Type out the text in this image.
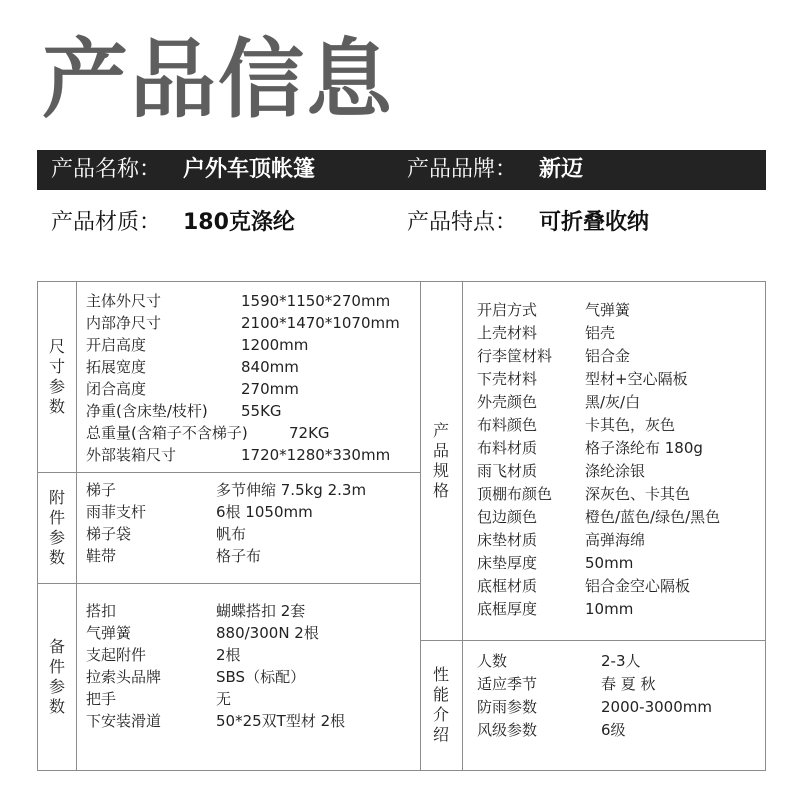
产品信息
产品名称： 户外车顶帐篷	产品品牌： 新迈
产品材质： 180克涤纶	产品特点： 可折叠收纳
尺
寸
参
数
主体外尺寸	1590*1150*270mm
内部净尺寸	2100*1470*1070mm
开启高度	1200mm
拓展宽度	840mm
闭合高度	270mm
净重(含床垫/枝杆) 55KG
总重量(含箱子不含梯子)	72KG
外部装箱尺寸	1720*1280*330mm
附
件
参
数
梯子	多节伸缩 7.5kg 2.3m
雨菲支杆	6根 1050mm
梯子袋	帆布
鞋带	格子布
备
件
参
数
搭扣	蝴蝶搭扣 2套
气弹簧	880/300N 2根
支起附件	2根
拉索头品牌	SBS（标配）
把手	无
下安装滑道	50*25双T型材 2根
产
品
规
格
开启方式	气弹簧
上壳材料	铝壳
行李筐材料 铝合金
下壳材料	型材+空心隔板
外壳颜色	黑/灰/白
布料颜色	卡其色，灰色
布料材质	格子涤纶布 180g
雨飞材质	涤纶涂银
顶棚布颜色 深灰色、卡其色
包边颜色	橙色/蓝色/绿色/黑色
床垫材质	高弹海绵
床垫厚度	50mm
底框材质	铝合金空心隔板
底框厚度	10mm
性
能
介
绍
人数	2-3人
适应季节	春 夏 秋
防雨参数	2000-3000mm
风级参数	6级
